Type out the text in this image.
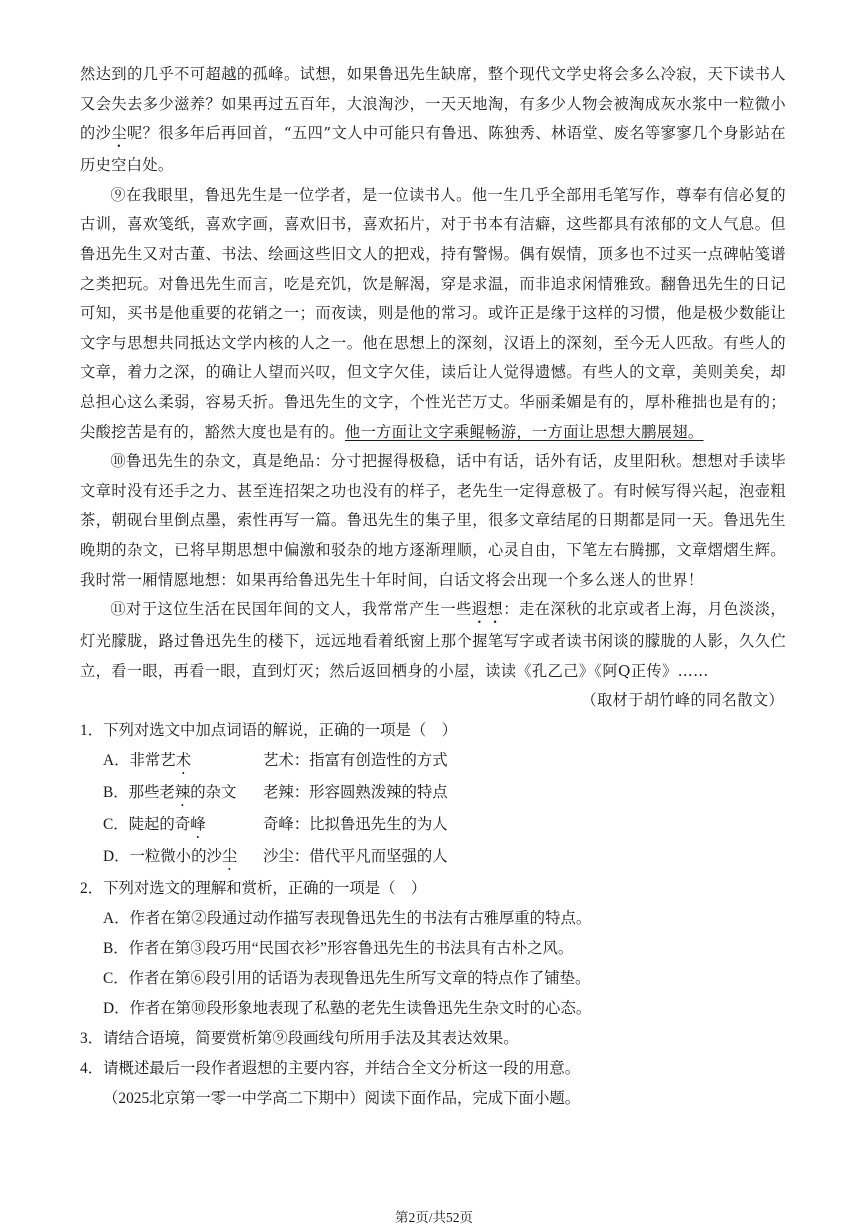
然达到的几乎不可超越的孤峰。试想，如果鲁迅先生缺席，整个现代文学史将会多么冷寂，天下读书人又会失去多少滋养？如果再过五百年，大浪淘沙，一天天地淘，有多少人物会被淘成灰水浆中一粒微小的沙尘呢？很多年后再回首，“五四”文人中可能只有鲁迅、陈独秀、林语堂、废名等寥寥几个身影站在历史空白处。

⑨在我眼里，鲁迅先生是一位学者，是一位读书人。他一生几乎全部用毛笔写作，尊奉有信必复的古训，喜欢笺纸，喜欢字画，喜欢旧书，喜欢拓片，对于书本有洁癖，这些都具有浓郁的文人气息。但鲁迅先生又对古董、书法、绘画这些旧文人的把戏，持有警惕。偶有娱情，顶多也不过买一点碑帖笺谱之类把玩。对鲁迅先生而言，吃是充饥，饮是解渴，穿是求温，而非追求闲情雅致。翻鲁迅先生的日记可知，买书是他重要的花销之一；而夜读，则是他的常习。或许正是缘于这样的习惯，他是极少数能让文字与思想共同抵达文学内核的人之一。他在思想上的深刻，汉语上的深刻，至今无人匹敌。有些人的文章，着力之深，的确让人望而兴叹，但文字欠佳，读后让人觉得遗憾。有些人的文章，美则美矣，却总担心这么柔弱，容易夭折。鲁迅先生的文字，个性光芒万丈。华丽柔媚是有的，厚朴稚拙也是有的；尖酸挖苦是有的，豁然大度也是有的。他一方面让文字乘鲲畅游，一方面让思想大鹏展翅。

⑩鲁迅先生的杂文，真是绝品：分寸把握得极稳，话中有话，话外有话，皮里阳秋。想想对手读毕文章时没有还手之力、甚至连招架之功也没有的样子，老先生一定得意极了。有时候写得兴起，泡壶粗茶，朝砚台里倒点墨，索性再写一篇。鲁迅先生的集子里，很多文章结尾的日期都是同一天。鲁迅先生晚期的杂文，已将早期思想中偏激和驳杂的地方逐渐理顺，心灵自由，下笔左右腾挪，文章熠熠生辉。我时常一厢情愿地想：如果再给鲁迅先生十年时间，白话文将会出现一个多么迷人的世界！

⑪对于这位生活在民国年间的文人，我常常产生一些遐想：走在深秋的北京或者上海，月色淡淡，灯光朦胧，路过鲁迅先生的楼下，远远地看着纸窗上那个握笔写字或者读书闲谈的朦胧的人影，久久伫立，看一眼，再看一眼，直到灯灭；然后返回栖身的小屋，读读《孔乙己》《阿Q正传》……

（取材于胡竹峰的同名散文）

1．下列对选文中加点词语的解说，正确的一项是（　）

A．非常艺术	艺术：指富有创造性的方式

B．那些老辣的杂文 老辣：形容圆熟泼辣的特点

C．陡起的奇峰	奇峰：比拟鲁迅先生的为人

D．一粒微小的沙尘 沙尘：借代平凡而坚强的人

2．下列对选文的理解和赏析，正确的一项是（　）

A．作者在第②段通过动作描写表现鲁迅先生的书法有古雅厚重的特点。

B．作者在第③段巧用“民国衣衫”形容鲁迅先生的书法具有古朴之风。

C．作者在第⑥段引用的话语为表现鲁迅先生所写文章的特点作了铺垫。

D．作者在第⑩段形象地表现了私塾的老先生读鲁迅先生杂文时的心态。

3．请结合语境，简要赏析第⑨段画线句所用手法及其表达效果。

4．请概述最后一段作者遐想的主要内容，并结合全文分析这一段的用意。

（2025北京第一零一中学高二下期中）阅读下面作品，完成下面小题。

第2页/共52页
